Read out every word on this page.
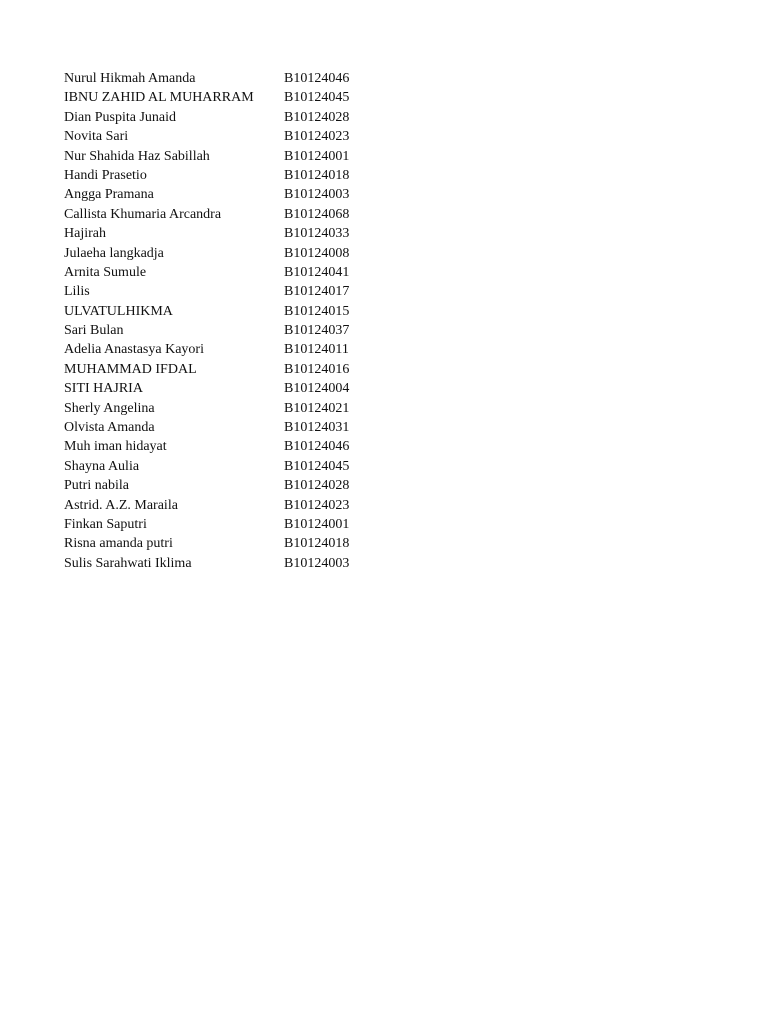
Nurul Hikmah Amanda	B10124046
IBNU ZAHID AL MUHARRAM	B10124045
Dian Puspita Junaid	B10124028
Novita Sari	B10124023
Nur Shahida Haz Sabillah	B10124001
Handi Prasetio	B10124018
Angga Pramana	B10124003
Callista Khumaria Arcandra	B10124068
Hajirah	B10124033
Julaeha langkadja	B10124008
Arnita Sumule	B10124041
Lilis	B10124017
ULVATULHIKMA	B10124015
Sari Bulan	B10124037
Adelia Anastasya Kayori	B10124011
MUHAMMAD IFDAL	B10124016
SITI HAJRIA	B10124004
Sherly Angelina	B10124021
Olvista Amanda	B10124031
Muh iman hidayat	B10124046
Shayna Aulia	B10124045
Putri nabila	B10124028
Astrid. A.Z. Maraila	B10124023
Finkan Saputri	B10124001
Risna amanda putri	B10124018
Sulis Sarahwati Iklima	B10124003
